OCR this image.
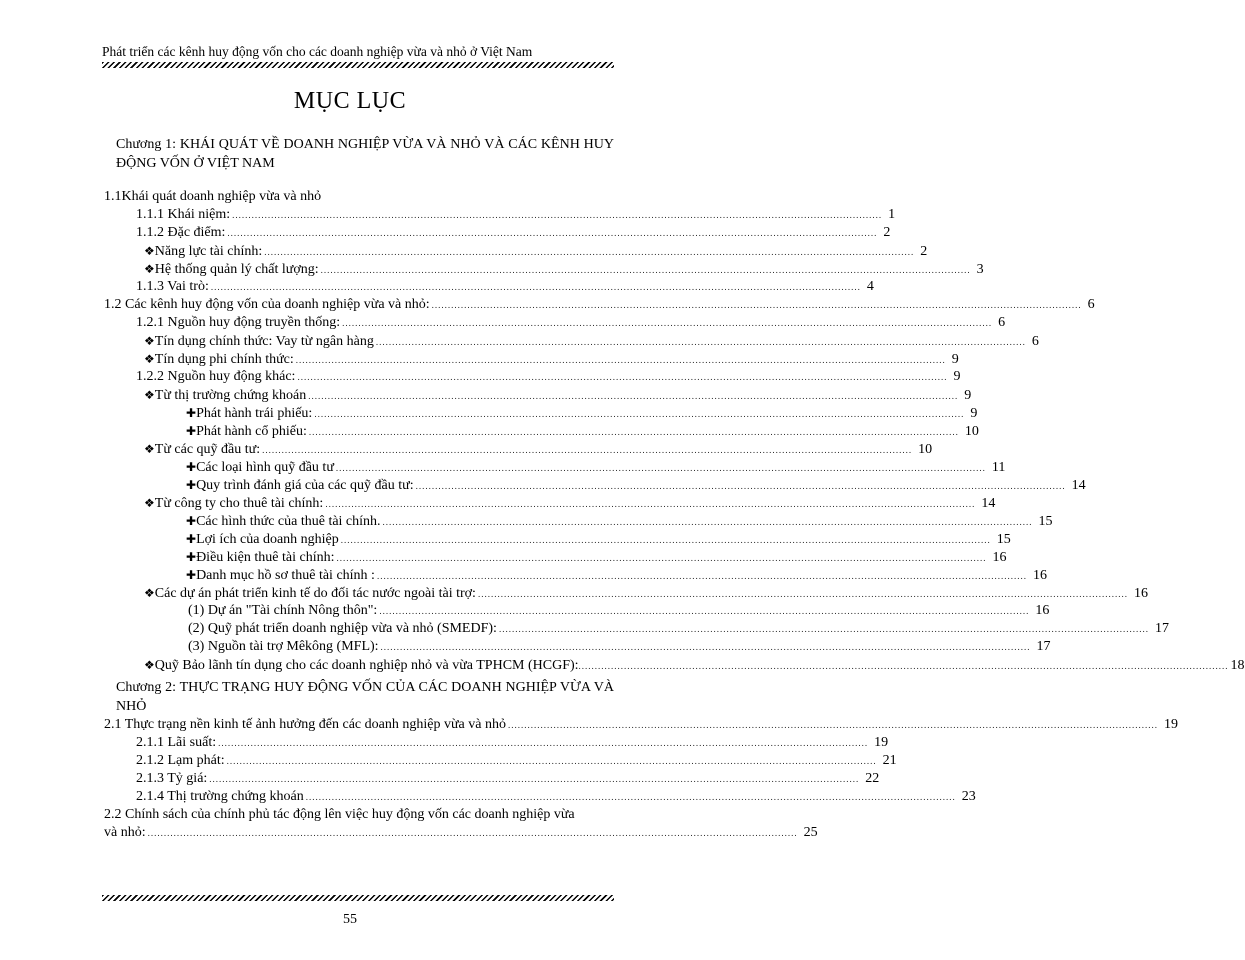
Phát triển các kênh huy động vốn cho các doanh nghiệp vừa và nhỏ ở Việt Nam
MỤC LỤC
Chương 1: KHÁI QUÁT VỀ DOANH NGHIỆP VỪA VÀ NHỎ VÀ CÁC KÊNH HUY ĐỘNG VỐN Ở VIỆT NAM
1.1Khái quát doanh nghiệp vừa và nhỏ
1.1.1 Khái niệm: ........................................................................................................................................................................................................ 1
1.1.2 Đặc điểm: ........................................................................................................................................................................................................ 2
❖ Năng lực tài chính: ........................................................................................................................................................................................................ 2
❖ Hệ thống quản lý chất lượng: ........................................................................................................................................................................................................ 3
1.1.3 Vai trò: ........................................................................................................................................................................................................ 4
1.2 Các kênh huy động vốn của doanh nghiệp vừa và nhỏ: ........................................................................................................................................................................................................ 6
1.2.1 Nguồn huy động truyền thống: ........................................................................................................................................................................................................ 6
❖ Tín dụng chính thức: Vay từ ngân hàng ........................................................................................................................................................................................................ 6
❖ Tín dụng phi chính thức: ........................................................................................................................................................................................................ 9
1.2.2 Nguồn huy động khác: ........................................................................................................................................................................................................ 9
❖ Từ thị trường chứng khoán ........................................................................................................................................................................................................ 9
✚ Phát hành trái phiếu: ........................................................................................................................................................................................................ 9
✚ Phát hành cổ phiếu: ........................................................................................................................................................................................................ 10
❖ Từ các quỹ đầu tư: ........................................................................................................................................................................................................ 10
✚ Các loại hình quỹ đầu tư ........................................................................................................................................................................................................ 11
✚ Quy trình đánh giá của các quỹ đầu tư: ........................................................................................................................................................................................................ 14
❖ Từ công ty cho thuê tài chính: ........................................................................................................................................................................................................ 14
✚ Các hình thức của thuê tài chính. ........................................................................................................................................................................................................ 15
✚ Lợi ích của doanh nghiệp ........................................................................................................................................................................................................ 15
✚ Điều kiện thuê tài chính: ........................................................................................................................................................................................................ 16
✚ Danh mục hồ sơ thuê tài chính : ........................................................................................................................................................................................................ 16
❖ Các dự án phát triển kinh tế do đối tác nước ngoài tài trợ: ........................................................................................................................................................................................................ 16
(1) Dự án "Tài chính Nông thôn": ........................................................................................................................................................................................................ 16
(2) Quỹ phát triển doanh nghiệp vừa và nhỏ (SMEDF): ........................................................................................................................................................................................................ 17
(3) Nguồn tài trợ Mêkông (MFL): ........................................................................................................................................................................................................ 17
❖ Quỹ Bảo lãnh tín dụng cho các doanh nghiệp nhỏ và vừa TPHCM (HCGF): ........................................................................................................................................................................................................ 18
Chương 2: THỰC TRẠNG HUY ĐỘNG VỐN CỦA CÁC DOANH NGHIỆP VỪA VÀ NHỎ
2.1 Thực trạng nền kinh tế ảnh hưởng đến các doanh nghiệp vừa và nhỏ ........................................................................................................................................................................................................ 19
2.1.1 Lãi suất: ........................................................................................................................................................................................................ 19
2.1.2 Lạm phát: ........................................................................................................................................................................................................ 21
2.1.3 Tỷ giá: ........................................................................................................................................................................................................ 22
2.1.4 Thị trường chứng khoán ........................................................................................................................................................................................................ 23
2.2 Chính sách của chính phủ tác động lên việc huy động vốn các doanh nghiệp vừa
và nhỏ: ........................................................................................................................................................................................................ 25
55
